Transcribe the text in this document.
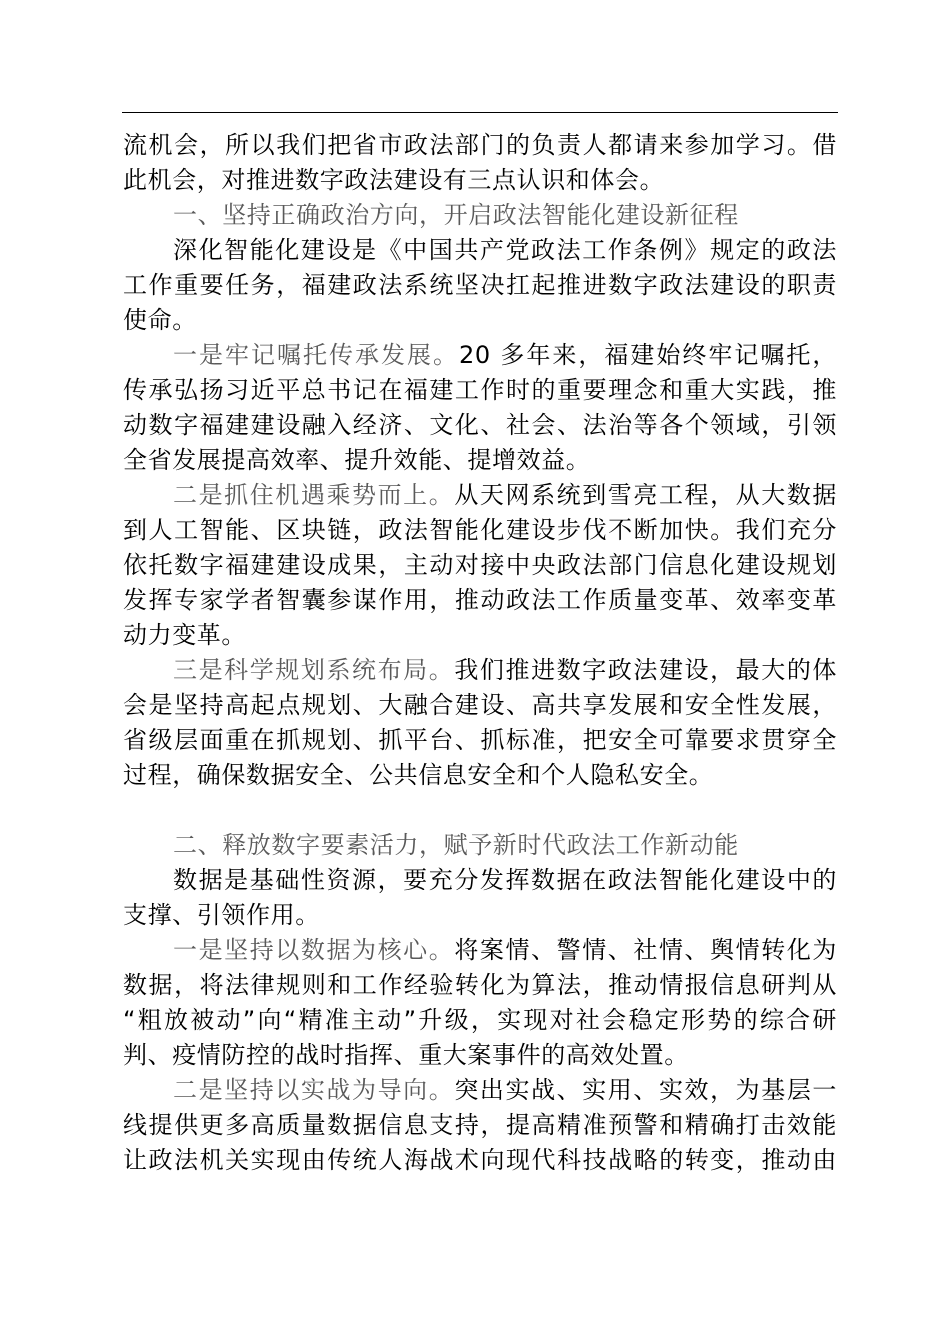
流机会，所以我们把省市政法部门的负责人都请来参加学习。借
此机会，对推进数字政法建设有三点认识和体会。
一、坚持正确政治方向，开启政法智能化建设新征程
深化智能化建设是《中国共产党政法工作条例》规定的政法
工作重要任务，福建政法系统坚决扛起推进数字政法建设的职责
使命。
一是牢记嘱托传承发展。20 多年来，福建始终牢记嘱托，
传承弘扬习近平总书记在福建工作时的重要理念和重大实践，推
动数字福建建设融入经济、文化、社会、法治等各个领域，引领
全省发展提高效率、提升效能、提增效益。
二是抓住机遇乘势而上。从天网系统到雪亮工程，从大数据
到人工智能、区块链，政法智能化建设步伐不断加快。我们充分
依托数字福建建设成果，主动对接中央政法部门信息化建设规划
发挥专家学者智囊参谋作用，推动政法工作质量变革、效率变革
动力变革。
三是科学规划系统布局。我们推进数字政法建设，最大的体
会是坚持高起点规划、大融合建设、高共享发展和安全性发展，
省级层面重在抓规划、抓平台、抓标准，把安全可靠要求贯穿全
过程，确保数据安全、公共信息安全和个人隐私安全。
二、释放数字要素活力，赋予新时代政法工作新动能
数据是基础性资源，要充分发挥数据在政法智能化建设中的
支撑、引领作用。
一是坚持以数据为核心。将案情、警情、社情、舆情转化为
数据，将法律规则和工作经验转化为算法，推动情报信息研判从
“粗放被动”向“精准主动”升级，实现对社会稳定形势的综合研
判、疫情防控的战时指挥、重大案事件的高效处置。
二是坚持以实战为导向。突出实战、实用、实效，为基层一
线提供更多高质量数据信息支持，提高精准预警和精确打击效能
让政法机关实现由传统人海战术向现代科技战略的转变，推动由
